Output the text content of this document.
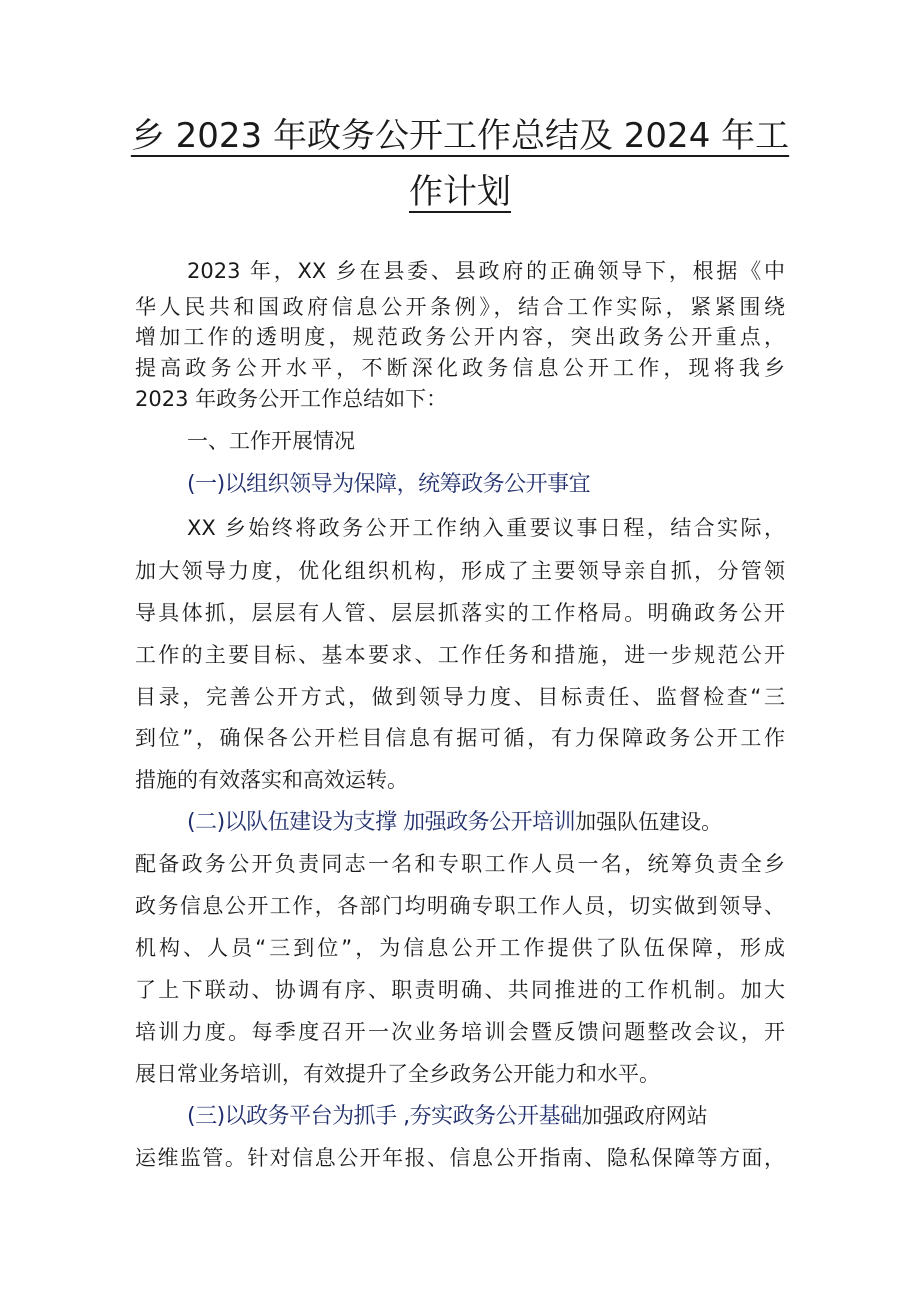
乡 2023 年政务公开工作总结及 2024 年工
作计划
2023 年，XX 乡在县委、县政府的正确领导下，根据《中
华人民共和国政府信息公开条例》，结合工作实际，紧紧围绕
增加工作的透明度，规范政务公开内容，突出政务公开重点，
提高政务公开水平，不断深化政务信息公开工作，现将我乡
2023 年政务公开工作总结如下：
一、工作开展情况
(一)以组织领导为保障，统筹政务公开事宜
XX 乡始终将政务公开工作纳入重要议事日程，结合实际，
加大领导力度，优化组织机构，形成了主要领导亲自抓，分管领
导具体抓，层层有人管、层层抓落实的工作格局。明确政务公开
工作的主要目标、基本要求、工作任务和措施，进一步规范公开
目录，完善公开方式，做到领导力度、目标责任、监督检查“三
到位”，确保各公开栏目信息有据可循，有力保障政务公开工作
措施的有效落实和高效运转。
(二)以队伍建设为支撑 加强政务公开培训加强队伍建设。
配备政务公开负责同志一名和专职工作人员一名，统筹负责全乡
政务信息公开工作，各部门均明确专职工作人员，切实做到领导、
机构、人员“三到位”，为信息公开工作提供了队伍保障，形成
了上下联动、协调有序、职责明确、共同推进的工作机制。加大
培训力度。每季度召开一次业务培训会暨反馈问题整改会议，开
展日常业务培训，有效提升了全乡政务公开能力和水平。
(三)以政务平台为抓手 ,夯实政务公开基础加强政府网站
运维监管。针对信息公开年报、信息公开指南、隐私保障等方面，
